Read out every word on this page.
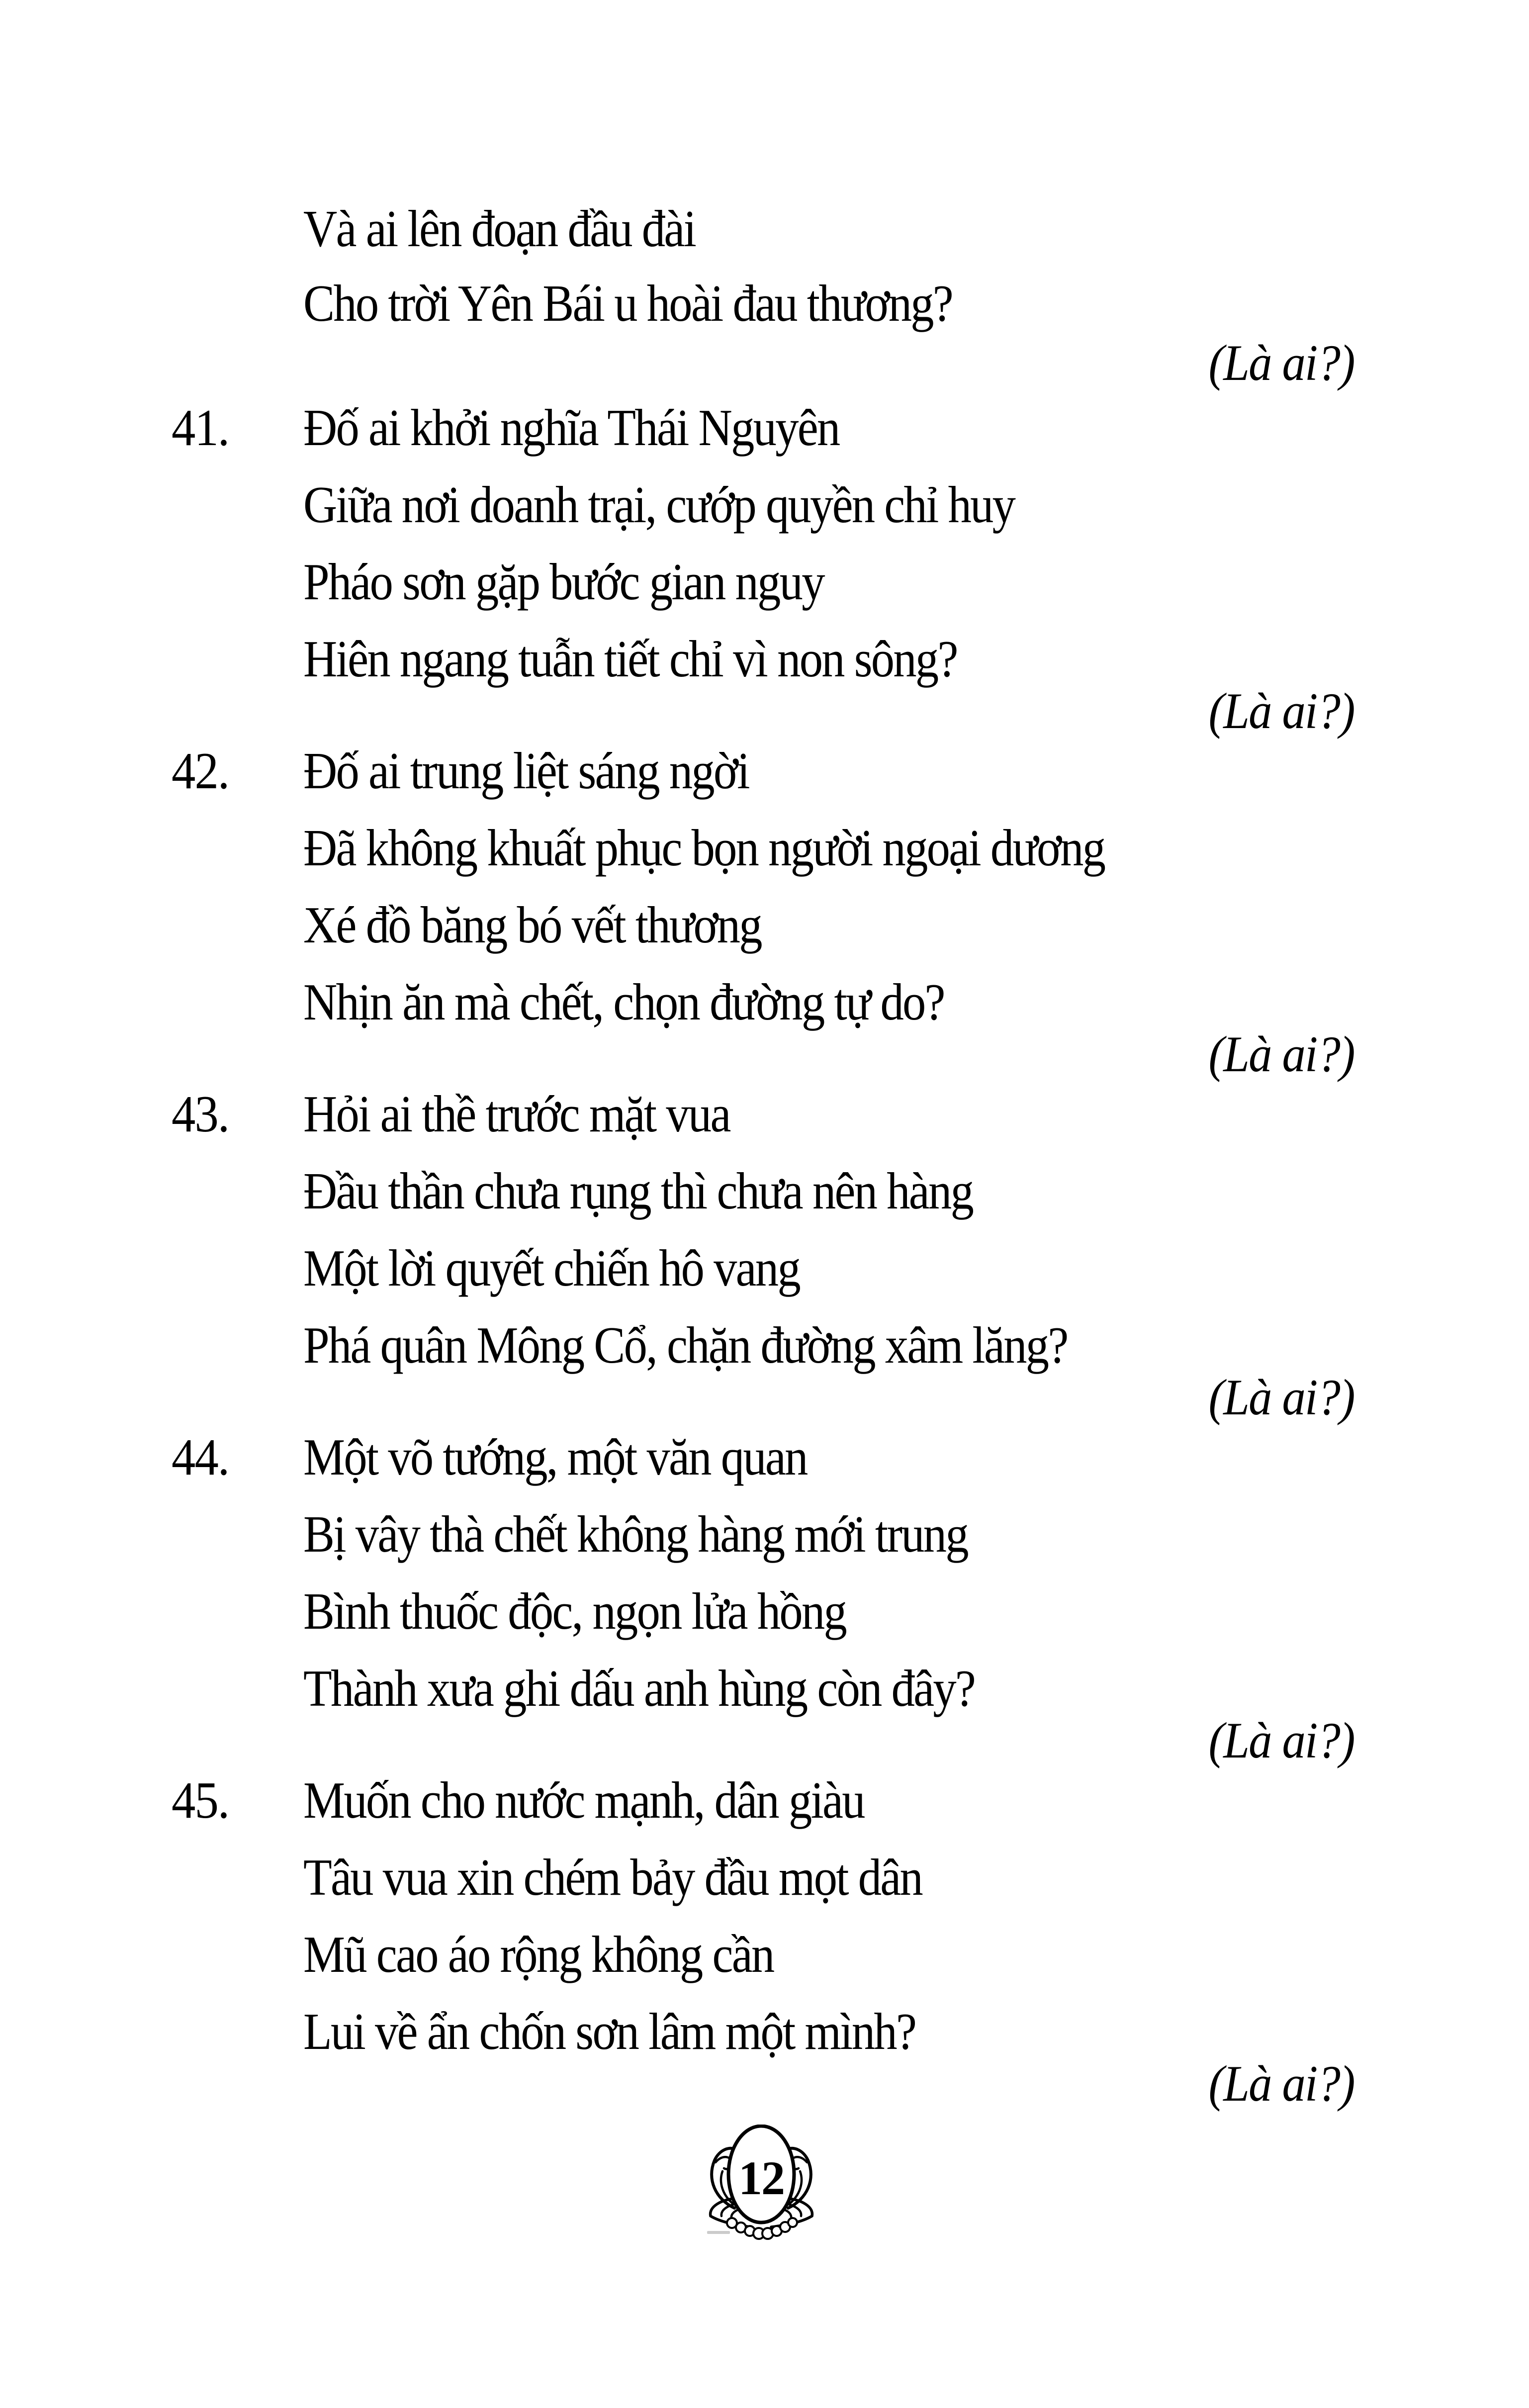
Và ai lên đoạn đầu đài
Cho trời Yên Bái u hoài đau thương?
(Là ai?)
41. Đố ai khởi nghĩa Thái Nguyên
Giữa nơi doanh trại, cướp quyền chỉ huy
Pháo sơn gặp bước gian nguy
Hiên ngang tuẫn tiết chỉ vì non sông?
(Là ai?)
42. Đố ai trung liệt sáng ngời
Đã không khuất phục bọn người ngoại dương
Xé đồ băng bó vết thương
Nhịn ăn mà chết, chọn đường tự do?
(Là ai?)
43. Hỏi ai thề trước mặt vua
Đầu thần chưa rụng thì chưa nên hàng
Một lời quyết chiến hô vang
Phá quân Mông Cổ, chặn đường xâm lăng?
(Là ai?)
44. Một võ tướng, một văn quan
Bị vây thà chết không hàng mới trung
Bình thuốc độc, ngọn lửa hồng
Thành xưa ghi dấu anh hùng còn đây?
(Là ai?)
45. Muốn cho nước mạnh, dân giàu
Tâu vua xin chém bảy đầu mọt dân
Mũ cao áo rộng không cần
Lui về ẩn chốn sơn lâm một mình?
(Là ai?)
12
